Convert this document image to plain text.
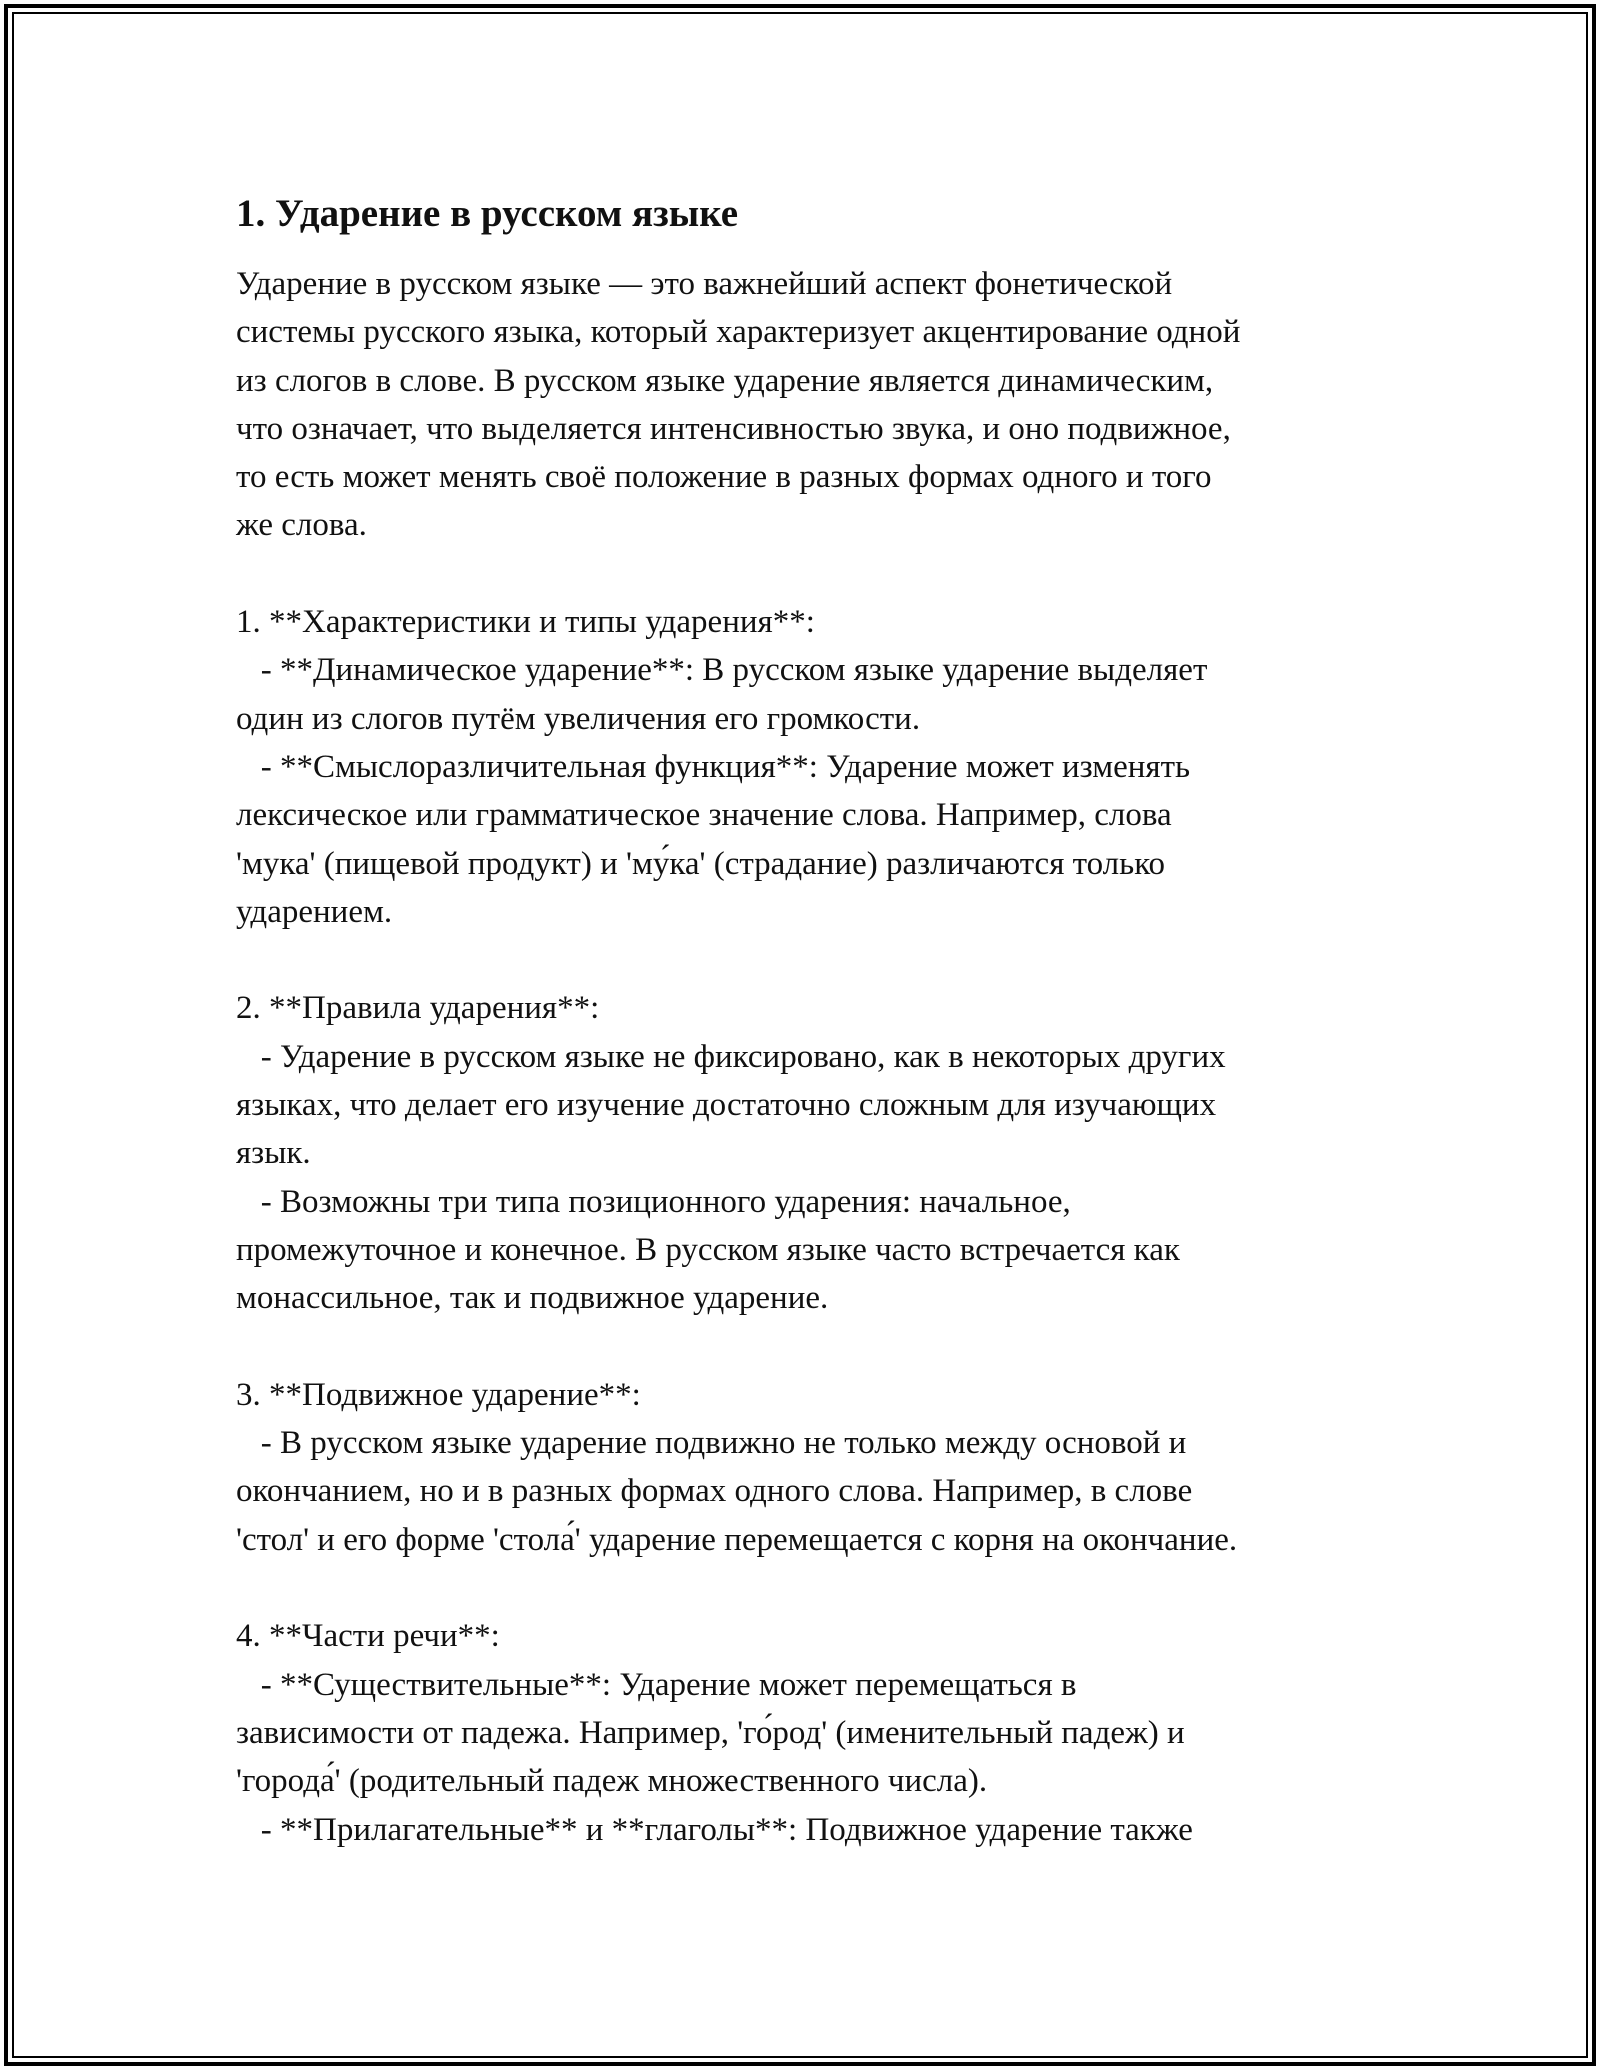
1. Ударение в русском языке

Ударение в русском языке — это важнейший аспект фонетической
системы русского языка, который характеризует акцентирование одной
из слогов в слове. В русском языке ударение является динамическим,
что означает, что выделяется интенсивностью звука, и оно подвижное,
то есть может менять своё положение в разных формах одного и того
же слова.

1. **Характеристики и типы ударения**:
- **Динамическое ударение**: В русском языке ударение выделяет
один из слогов путём увеличения его громкости.
- **Смыслоразличительная функция**: Ударение может изменять
лексическое или грамматическое значение слова. Например, слова
'мука' (пищевой продукт) и 'му́ка' (страдание) различаются только
ударением.

2. **Правила ударения**:
- Ударение в русском языке не фиксировано, как в некоторых других
языках, что делает его изучение достаточно сложным для изучающих
язык.
- Возможны три типа позиционного ударения: начальное,
промежуточное и конечное. В русском языке часто встречается как
монассильное, так и подвижное ударение.

3. **Подвижное ударение**:
- В русском языке ударение подвижно не только между основой и
окончанием, но и в разных формах одного слова. Например, в слове
'стол' и его форме 'стола́' ударение перемещается с корня на окончание.

4. **Части речи**:
- **Существительные**: Ударение может перемещаться в
зависимости от падежа. Например, 'го́род' (именительный падеж) и
'города́' (родительный падеж множественного числа).
- **Прилагательные** и **глаголы**: Подвижное ударение также
